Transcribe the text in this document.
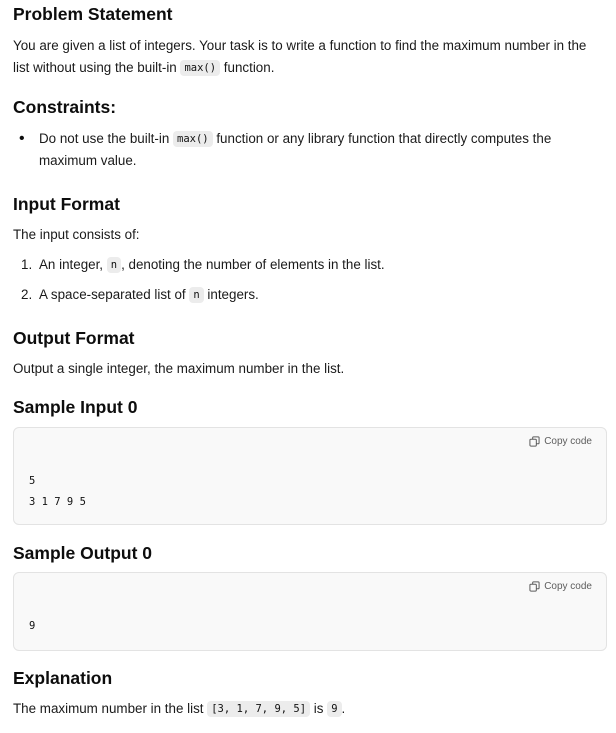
Problem Statement

You are given a list of integers. Your task is to write a function to find the maximum number in the list without using the built-in max() function.

Constraints:
• Do not use the built-in max() function or any library function that directly computes the maximum value.

Input Format

The input consists of:

1. An integer, n , denoting the number of elements in the list.
2. A space-separated list of n integers.
Output Format

Output a single integer, the maximum number in the list.

Sample Input 0
Copy code
5
3 1 7 9 5
Sample Output 0
Copy code
9
Explanation

The maximum number in the list [3, 1, 7, 9, 5] is 9 .
